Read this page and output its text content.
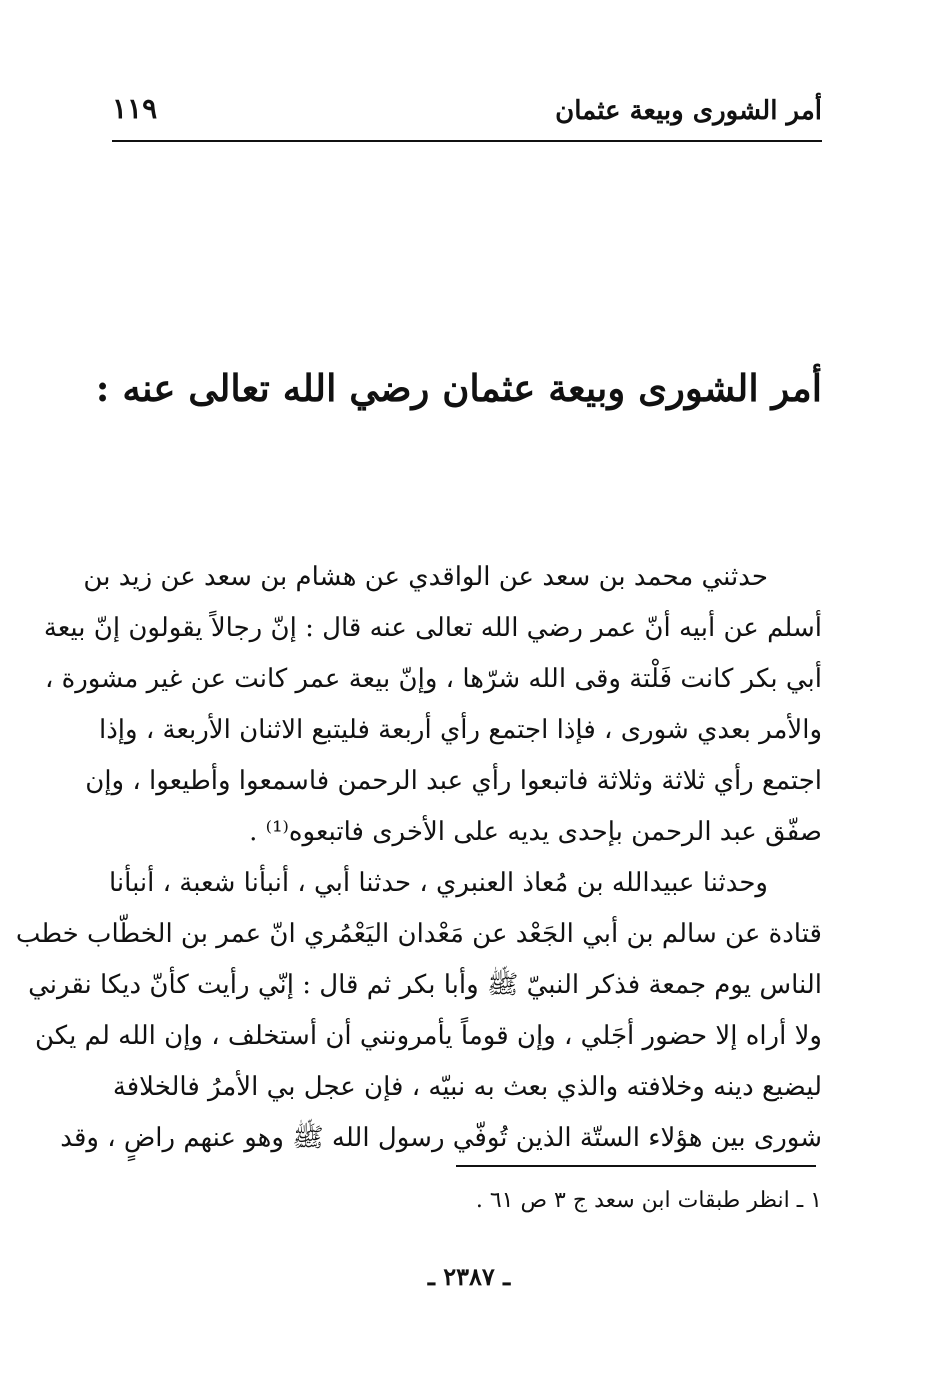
أمر الشورى وبيعة عثمان
١١٩
أمر الشورى وبيعة عثمان رضي الله تعالى عنه :
حدثني محمد بن سعد عن الواقدي عن هشام بن سعد عن زيد بن
أسلم عن أبيه أنّ عمر رضي الله تعالى عنه قال : إنّ رجالاً يقولون إنّ بيعة
أبي بكر كانت فَلْتة وقى الله شرّها ، وإنّ بيعة عمر كانت عن غير مشورة ،
والأمر بعدي شورى ، فإذا اجتمع رأي أربعة فليتبع الاثنان الأربعة ، وإذا
اجتمع رأي ثلاثة وثلاثة فاتبعوا رأي عبد الرحمن فاسمعوا وأطيعوا ، وإن
صفّق عبد الرحمن بإحدى يديه على الأخرى فاتبعوه⁽¹⁾ .
وحدثنا عبيدالله بن مُعاذ العنبري ، حدثنا أبي ، أنبأنا شعبة ، أنبأنا
قتادة عن سالم بن أبي الجَعْد عن مَعْدان اليَعْمُري انّ عمر بن الخطّاب خطب
الناس يوم جمعة فذكر النبيّ ﷺ وأبا بكر ثم قال : إنّي رأيت كأنّ ديكا نقرني
ولا أراه إلا حضور أجَلي ، وإن قوماً يأمرونني أن أستخلف ، وإن الله لم يكن
ليضيع دينه وخلافته والذي بعث به نبيّه ، فإن عجل بي الأمرُ فالخلافة
شورى بين هؤلاء الستّة الذين تُوفّي رسول الله ﷺ وهو عنهم راضٍ ، وقد
١ ـ انظر طبقات ابن سعد ج ٣ ص ٦١ .
ـ ٢٣٨٧ ـ
